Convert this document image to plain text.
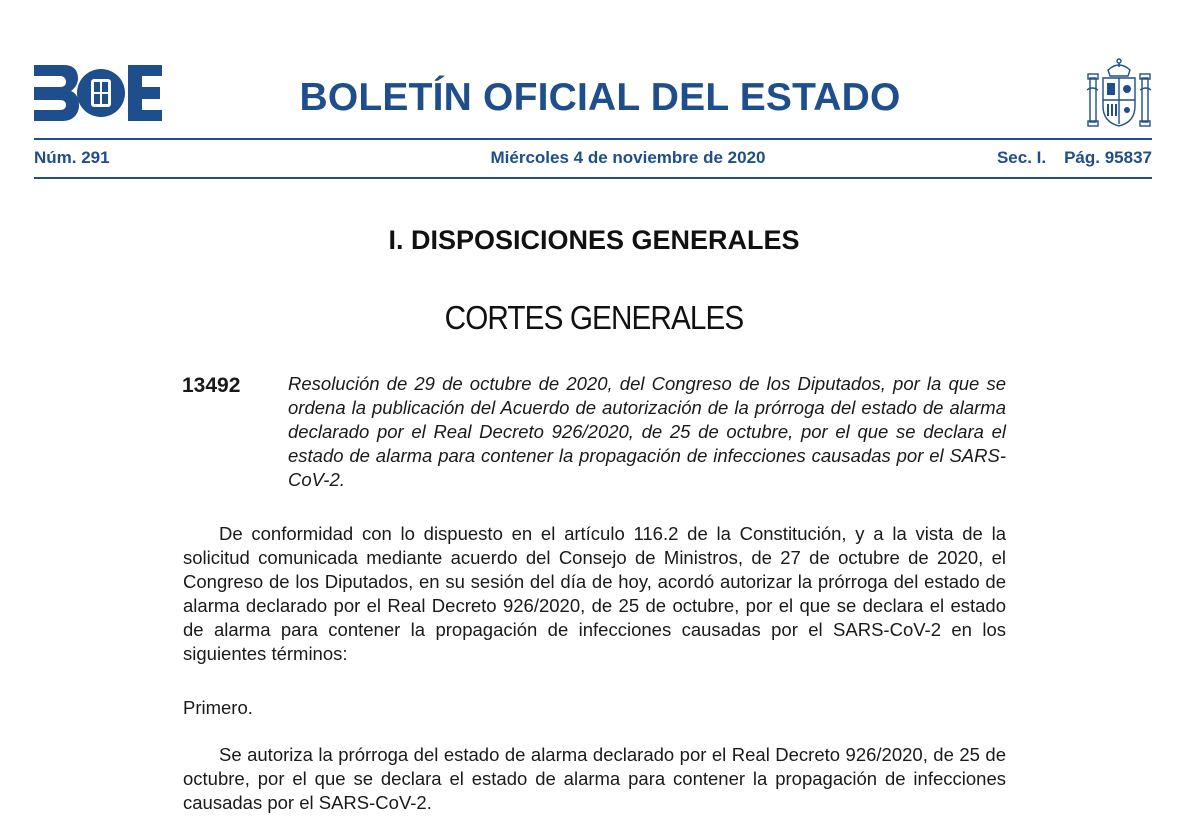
BOLETÍN OFICIAL DEL ESTADO
Núm. 291	Miércoles 4 de noviembre de 2020	Sec. I. Pág. 95837
I. DISPOSICIONES GENERALES
CORTES GENERALES
13492	Resolución de 29 de octubre de 2020, del Congreso de los Diputados, por la que se ordena la publicación del Acuerdo de autorización de la prórroga del estado de alarma declarado por el Real Decreto 926/2020, de 25 de octubre, por el que se declara el estado de alarma para contener la propagación de infecciones causadas por el SARS-CoV-2.
De conformidad con lo dispuesto en el artículo 116.2 de la Constitución, y a la vista de la solicitud comunicada mediante acuerdo del Consejo de Ministros, de 27 de octubre de 2020, el Congreso de los Diputados, en su sesión del día de hoy, acordó autorizar la prórroga del estado de alarma declarado por el Real Decreto 926/2020, de 25 de octubre, por el que se declara el estado de alarma para contener la propagación de infecciones causadas por el SARS-CoV-2 en los siguientes términos:
Primero.
Se autoriza la prórroga del estado de alarma declarado por el Real Decreto 926/2020, de 25 de octubre, por el que se declara el estado de alarma para contener la propagación de infecciones causadas por el SARS-CoV-2.
